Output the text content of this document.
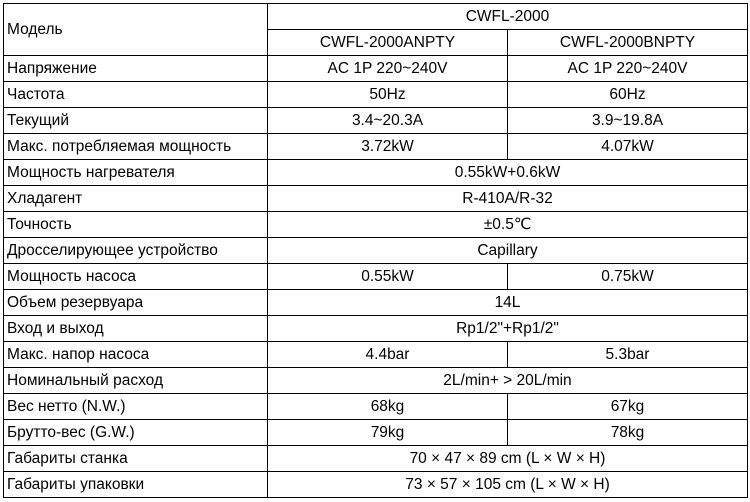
Модель	CWFL-2000	
	CWFL-2000ANPTY	CWFL-2000BNPTY
Напряжение	AC 1P 220~240V	AC 1P 220~240V
Частота	50Hz	60Hz
Текущий	3.4~20.3A	3.9~19.8A
Макс. потребляемая мощность	3.72kW	4.07kW
Мощность нагревателя	0.55kW+0.6kW	
Хладагент	R-410A/R-32	
Точность	±0.5℃	
Дросселирующее устройство	Capillary	
Мощность насоса	0.55kW	0.75kW
Объем резервуара	14L	
Вход и выход	Rp1/2"+Rp1/2"	
Макс. напор насоса	4.4bar	5.3bar
Номинальный расход	2L/min+ > 20L/min	
Вес нетто (N.W.)	68kg	67kg
Брутто-вес (G.W.)	79kg	78kg
Габариты станка	70 × 47 × 89 cm (L × W × H)	
Габариты упаковки	73 × 57 × 105 cm (L × W × H)	
